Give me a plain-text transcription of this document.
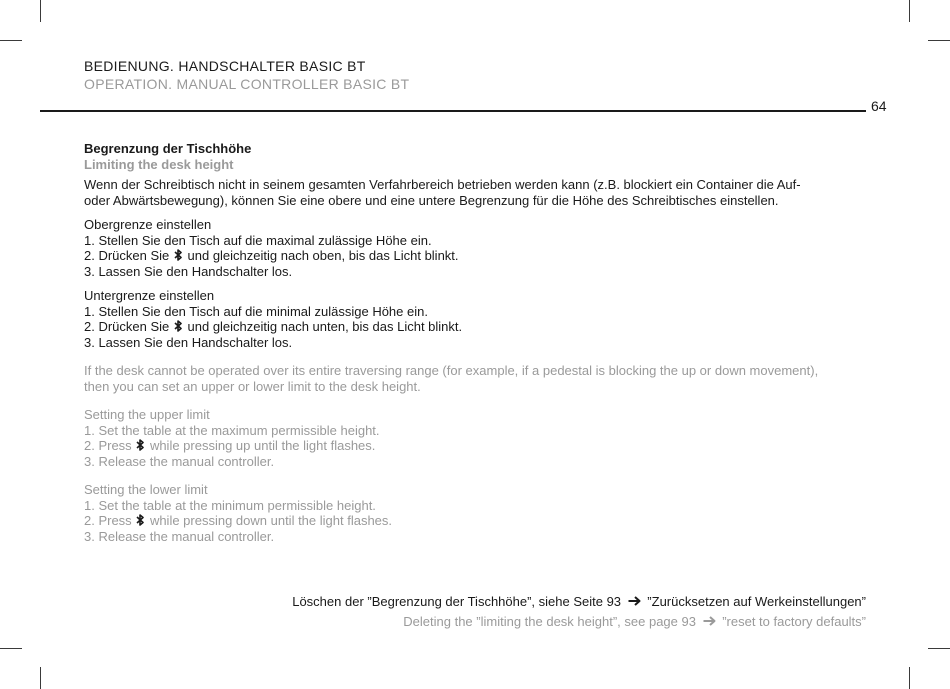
BEDIENUNG. HANDSCHALTER BASIC BT
OPERATION. MANUAL CONTROLLER BASIC BT
64

Begrenzung der Tischhöhe

Limiting the desk height

Wenn der Schreibtisch nicht in seinem gesamten Verfahrbereich betrieben werden kann (z.B. blockiert ein Container die Auf-

oder Abwärtsbewegung), können Sie eine obere und eine untere Begrenzung für die Höhe des Schreibtisches einstellen.

Obergrenze einstellen

1. Stellen Sie den Tisch auf die maximal zulässige Höhe ein.

2. Drücken Sie und gleichzeitig nach oben, bis das Licht blinkt.

3. Lassen Sie den Handschalter los.

Untergrenze einstellen

1. Stellen Sie den Tisch auf die minimal zulässige Höhe ein.

2. Drücken Sie und gleichzeitig nach unten, bis das Licht blinkt.

3. Lassen Sie den Handschalter los.

If the desk cannot be operated over its entire traversing range (for example, if a pedestal is blocking the up or down movement),

then you can set an upper or lower limit to the desk height.

Setting the upper limit

1. Set the table at the maximum permissible height.

2. Press while pressing up until the light flashes.

3. Release the manual controller.

Setting the lower limit

1. Set the table at the minimum permissible height.

2. Press while pressing down until the light flashes.

3. Release the manual controller.

Löschen der ”Begrenzung der Tischhöhe”, siehe Seite 93 ”Zurücksetzen auf Werkeinstellungen”
Deleting the ”limiting the desk height”, see page 93 ”reset to factory defaults”
